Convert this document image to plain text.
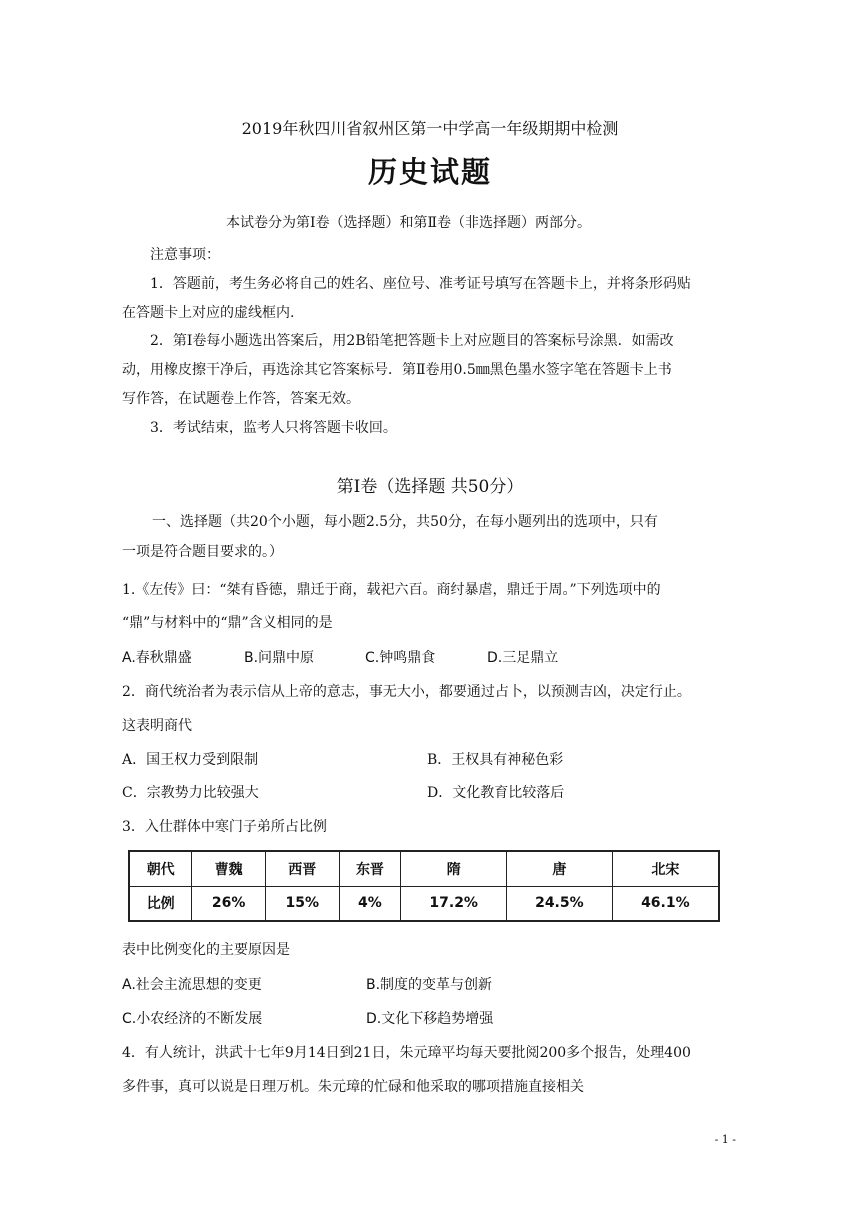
2019年秋四川省叙州区第一中学高一年级期期中检测
历史试题
本试卷分为第Ⅰ卷（选择题）和第Ⅱ卷（非选择题）两部分。
注意事项：
1．答题前，考生务必将自己的姓名、座位号、准考证号填写在答题卡上，并将条形码贴
在答题卡上对应的虚线框内.
2．第Ⅰ卷每小题选出答案后，用2B铅笔把答题卡上对应题目的答案标号涂黑．如需改
动，用橡皮擦干净后，再选涂其它答案标号．第Ⅱ卷用0.5㎜黑色墨水签字笔在答题卡上书
写作答，在试题卷上作答，答案无效。
3．考试结束，监考人只将答题卡收回。
第Ⅰ卷（选择题 共50分）
一、选择题（共20个小题，每小题2.5分，共50分，在每小题列出的选项中，只有
一项是符合题目要求的。）
1.《左传》曰：“桀有昏德，鼎迁于商，载祀六百。商纣暴虐，鼎迁于周。”下列选项中的
“鼎”与材料中的“鼎”含义相同的是
A.春秋鼎盛	B.问鼎中原	C.钟鸣鼎食	D.三足鼎立
2．商代统治者为表示信从上帝的意志，事无大小，都要通过占卜，以预测吉凶，决定行止。
这表明商代
A．国王权力受到限制	B．王权具有神秘色彩
C．宗教势力比较强大	D．文化教育比较落后
3．入仕群体中寒门子弟所占比例
朝代	曹魏	西晋	东晋	隋	唐	北宋
比例	26%	15%	4%	17.2%	24.5%	46.1%
表中比例变化的主要原因是
A.社会主流思想的变更	B.制度的变革与创新
C.小农经济的不断发展	D.文化下移趋势增强
4．有人统计，洪武十七年9月14日到21日，朱元璋平均每天要批阅200多个报告，处理400
多件事，真可以说是日理万机。朱元璋的忙碌和他采取的哪项措施直接相关
- 1 -
